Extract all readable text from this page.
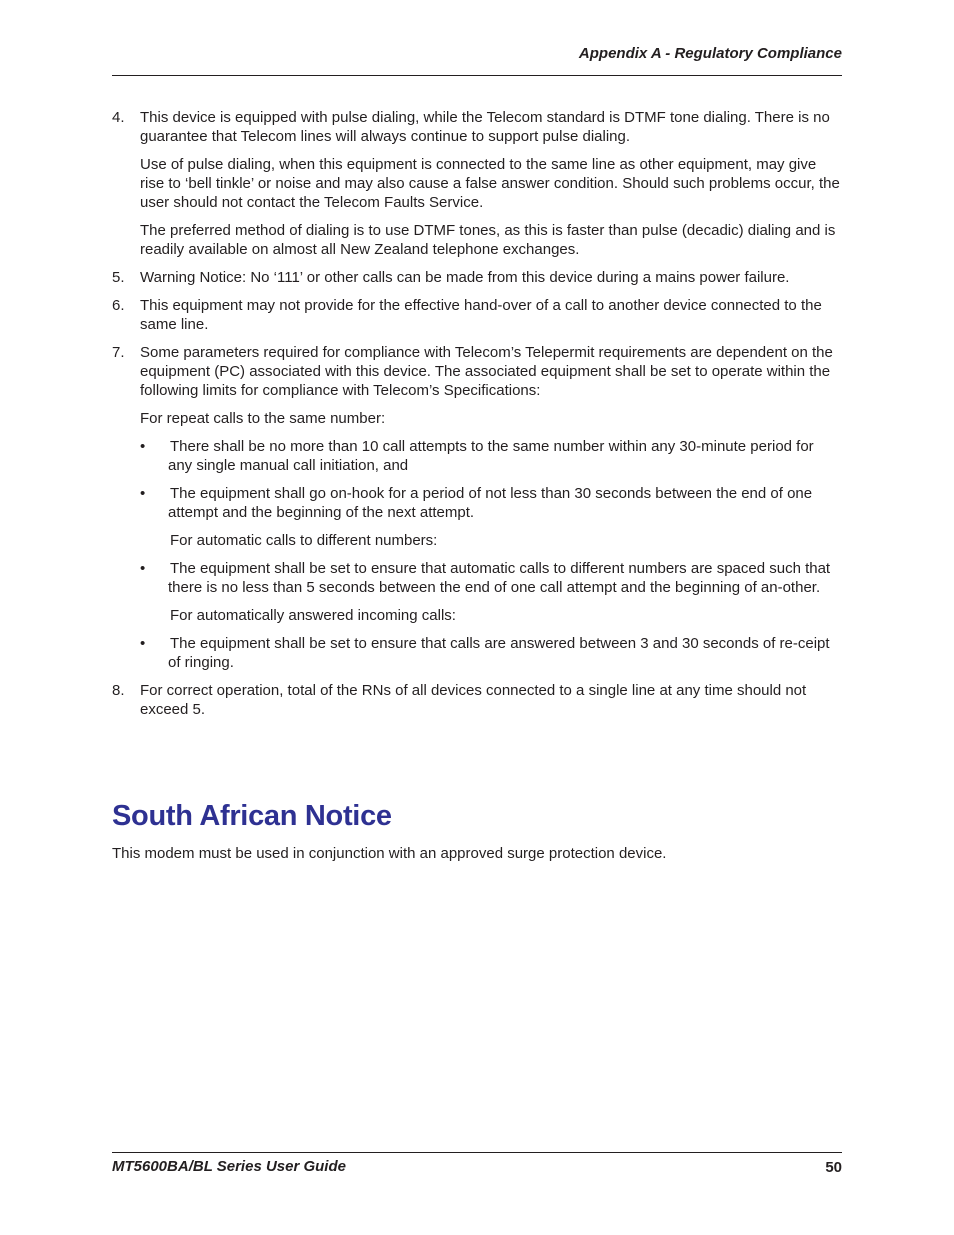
Appendix A - Regulatory Compliance
4. This device is equipped with pulse dialing, while the Telecom standard is DTMF tone dialing. There is no guarantee that Telecom lines will always continue to support pulse dialing.

Use of pulse dialing, when this equipment is connected to the same line as other equipment, may give rise to ‘bell tinkle’ or noise and may also cause a false answer condition. Should such problems occur, the user should not contact the Telecom Faults Service.

The preferred method of dialing is to use DTMF tones, as this is faster than pulse (decadic) dialing and is readily available on almost all New Zealand telephone exchanges.

5. Warning Notice: No ‘111’ or other calls can be made from this device during a mains power failure.

6. This equipment may not provide for the effective hand-over of a call to another device connected to the same line.

7. Some parameters required for compliance with Telecom’s Telepermit requirements are dependent on the equipment (PC) associated with this device. The associated equipment shall be set to operate within the following limits for compliance with Telecom’s Specifications:

For repeat calls to the same number:

• There shall be no more than 10 call attempts to the same number within any 30-minute period for any single manual call initiation, and
• The equipment shall go on-hook for a period of not less than 30 seconds between the end of one attempt and the beginning of the next attempt.

For automatic calls to different numbers:

• The equipment shall be set to ensure that automatic calls to different numbers are spaced such that there is no less than 5 seconds between the end of one call attempt and the beginning of an-other.

For automatically answered incoming calls:

• The equipment shall be set to ensure that calls are answered between 3 and 30 seconds of re-ceipt of ringing.
8. For correct operation, total of the RNs of all devices connected to a single line at any time should not exceed 5.

South African Notice

This modem must be used in conjunction with an approved surge protection device.

MT5600BA/BL Series User Guide	50
